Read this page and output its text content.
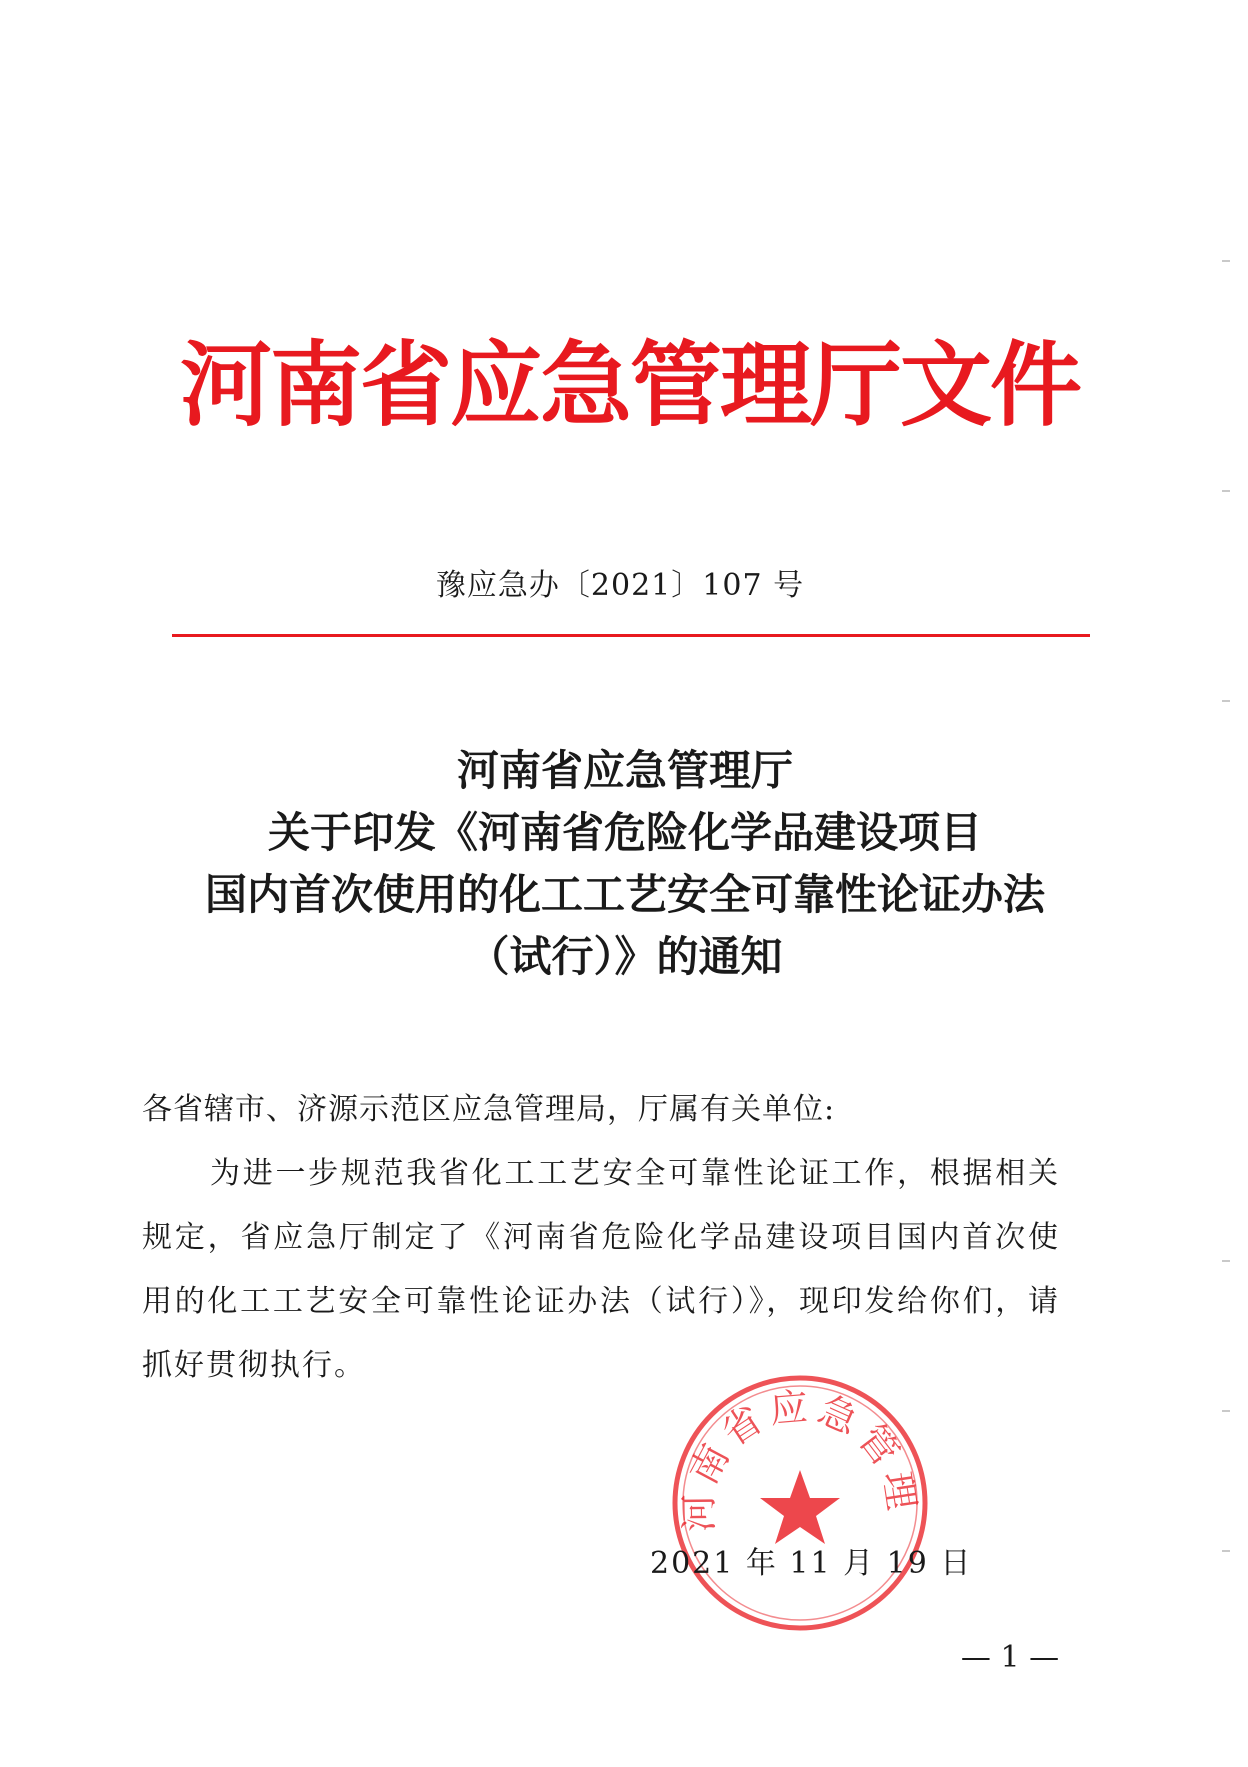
河南省应急管理厅文件
豫应急办〔2021〕107 号
河南省应急管理厅
关于印发《河南省危险化学品建设项目
国内首次使用的化工工艺安全可靠性论证办法
（试行）》的通知
各省辖市、济源示范区应急管理局，厅属有关单位:
为进一步规范我省化工工艺安全可靠性论证工作，根据相关规定，省应急厅制定了《河南省危险化学品建设项目国内首次使用的化工工艺安全可靠性论证办法（试行）》，现印发给你们，请抓好贯彻执行。
河南省应急管理
2021 年 11 月 19 日
— 1 —
